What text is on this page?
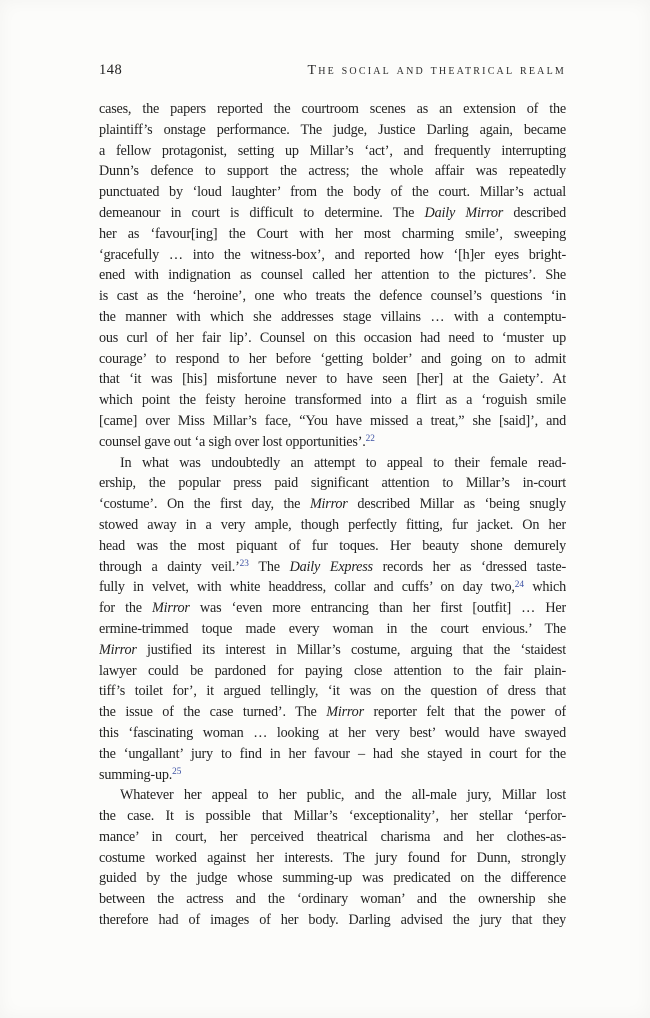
148	The social and theatrical realm
cases, the papers reported the courtroom scenes as an extension of the
plaintiff’s onstage performance. The judge, Justice Darling again, became
a fellow protagonist, setting up Millar’s ‘act’, and frequently interrupting
Dunn’s defence to support the actress; the whole affair was repeatedly
punctuated by ‘loud laughter’ from the body of the court. Millar’s actual
demeanour in court is difficult to determine. The Daily Mirror described
her as ‘favour[ing] the Court with her most charming smile’, sweeping
‘gracefully … into the witness-box’, and reported how ‘[h]er eyes bright-
ened with indignation as counsel called her attention to the pictures’. She
is cast as the ‘heroine’, one who treats the defence counsel’s questions ‘in
the manner with which she addresses stage villains … with a contemptu-
ous curl of her fair lip’. Counsel on this occasion had need to ‘muster up
courage’ to respond to her before ‘getting bolder’ and going on to admit
that ‘it was [his] misfortune never to have seen [her] at the Gaiety’. At
which point the feisty heroine transformed into a flirt as a ‘roguish smile
[came] over Miss Millar’s face, “You have missed a treat,” she [said]’, and
counsel gave out ‘a sigh over lost opportunities’.$^{22}$
In what was undoubtedly an attempt to appeal to their female read-
ership, the popular press paid significant attention to Millar’s in-court
‘costume’. On the first day, the Mirror described Millar as ‘being snugly
stowed away in a very ample, though perfectly fitting, fur jacket. On her
head was the most piquant of fur toques. Her beauty shone demurely
through a dainty veil.’$^{23}$ The Daily Express records her as ‘dressed taste-
fully in velvet, with white headdress, collar and cuffs’ on day two,$^{24}$ which
for the Mirror was ‘even more entrancing than her first [outfit] … Her
ermine-trimmed toque made every woman in the court envious.’ The
Mirror justified its interest in Millar’s costume, arguing that the ‘staidest
lawyer could be pardoned for paying close attention to the fair plain-
tiff’s toilet for’, it argued tellingly, ‘it was on the question of dress that
the issue of the case turned’. The Mirror reporter felt that the power of
this ‘fascinating woman … looking at her very best’ would have swayed
the ‘ungallant’ jury to find in her favour – had she stayed in court for the
summing-up.$^{25}$
Whatever her appeal to her public, and the all-male jury, Millar lost
the case. It is possible that Millar’s ‘exceptionality’, her stellar ‘perfor-
mance’ in court, her perceived theatrical charisma and her clothes-as-
costume worked against her interests. The jury found for Dunn, strongly
guided by the judge whose summing-up was predicated on the difference
between the actress and the ‘ordinary woman’ and the ownership she
therefore had of images of her body. Darling advised the jury that they
